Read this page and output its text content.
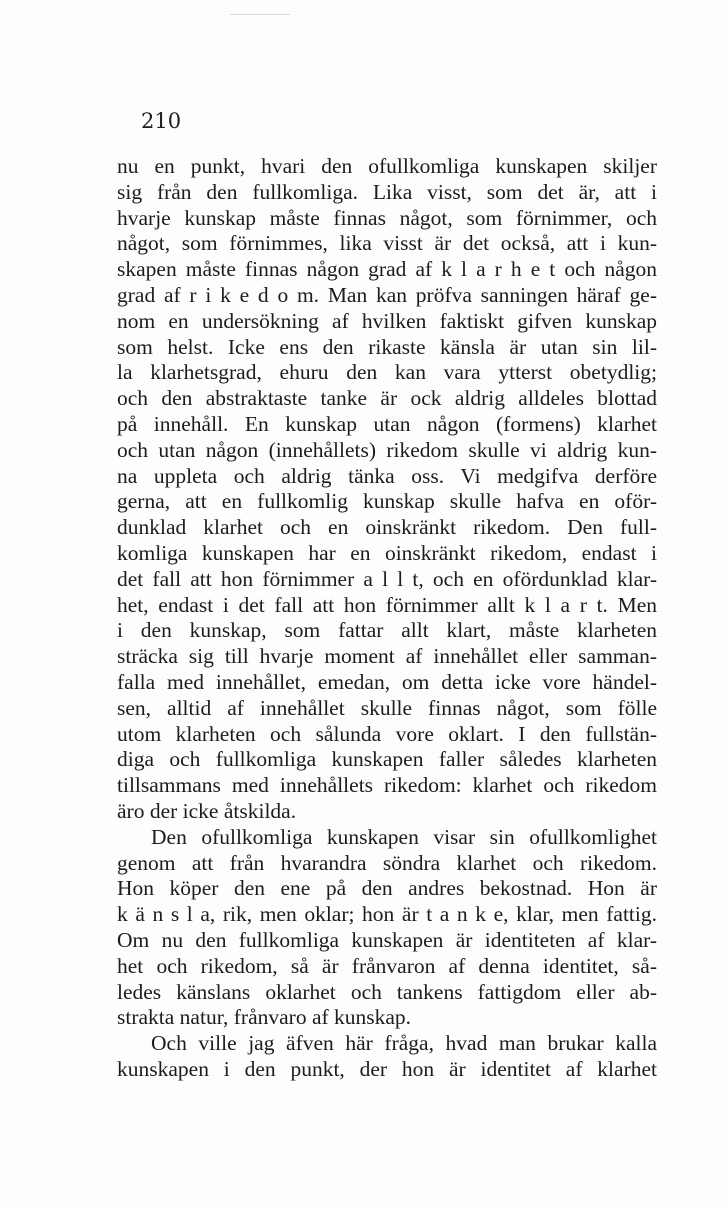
210
nu en punkt, hvari den ofullkomliga kunskapen skiljer
sig från den fullkomliga. Lika visst, som det är, att i
hvarje kunskap måste finnas något, som förnimmer, och
något, som förnimmes, lika visst är det också, att i kun-
skapen måste finnas någon grad af k l a r h e t och någon
grad af r i k e d o m. Man kan pröfva sanningen häraf ge-
nom en undersökning af hvilken faktiskt gifven kunskap
som helst. Icke ens den rikaste känsla är utan sin lil-
la klarhetsgrad, ehuru den kan vara ytterst obetydlig;
och den abstraktaste tanke är ock aldrig alldeles blottad
på innehåll. En kunskap utan någon (formens) klarhet
och utan någon (innehållets) rikedom skulle vi aldrig kun-
na uppleta och aldrig tänka oss. Vi medgifva derföre
gerna, att en fullkomlig kunskap skulle hafva en oför-
dunklad klarhet och en oinskränkt rikedom. Den full-
komliga kunskapen har en oinskränkt rikedom, endast i
det fall att hon förnimmer a l l t, och en ofördunklad klar-
het, endast i det fall att hon förnimmer allt k l a r t. Men
i den kunskap, som fattar allt klart, måste klarheten
sträcka sig till hvarje moment af innehållet eller samman-
falla med innehållet, emedan, om detta icke vore händel-
sen, alltid af innehållet skulle finnas något, som fölle
utom klarheten och sålunda vore oklart. I den fullstän-
diga och fullkomliga kunskapen faller således klarheten
tillsammans med innehållets rikedom: klarhet och rikedom
äro der icke åtskilda.
Den ofullkomliga kunskapen visar sin ofullkomlighet
genom att från hvarandra söndra klarhet och rikedom.
Hon köper den ene på den andres bekostnad. Hon är
k ä n s l a, rik, men oklar; hon är t a n k e, klar, men fattig.
Om nu den fullkomliga kunskapen är identiteten af klar-
het och rikedom, så är frånvaron af denna identitet, så-
ledes känslans oklarhet och tankens fattigdom eller ab-
strakta natur, frånvaro af kunskap.
Och ville jag äfven här fråga, hvad man brukar kalla
kunskapen i den punkt, der hon är identitet af klarhet
